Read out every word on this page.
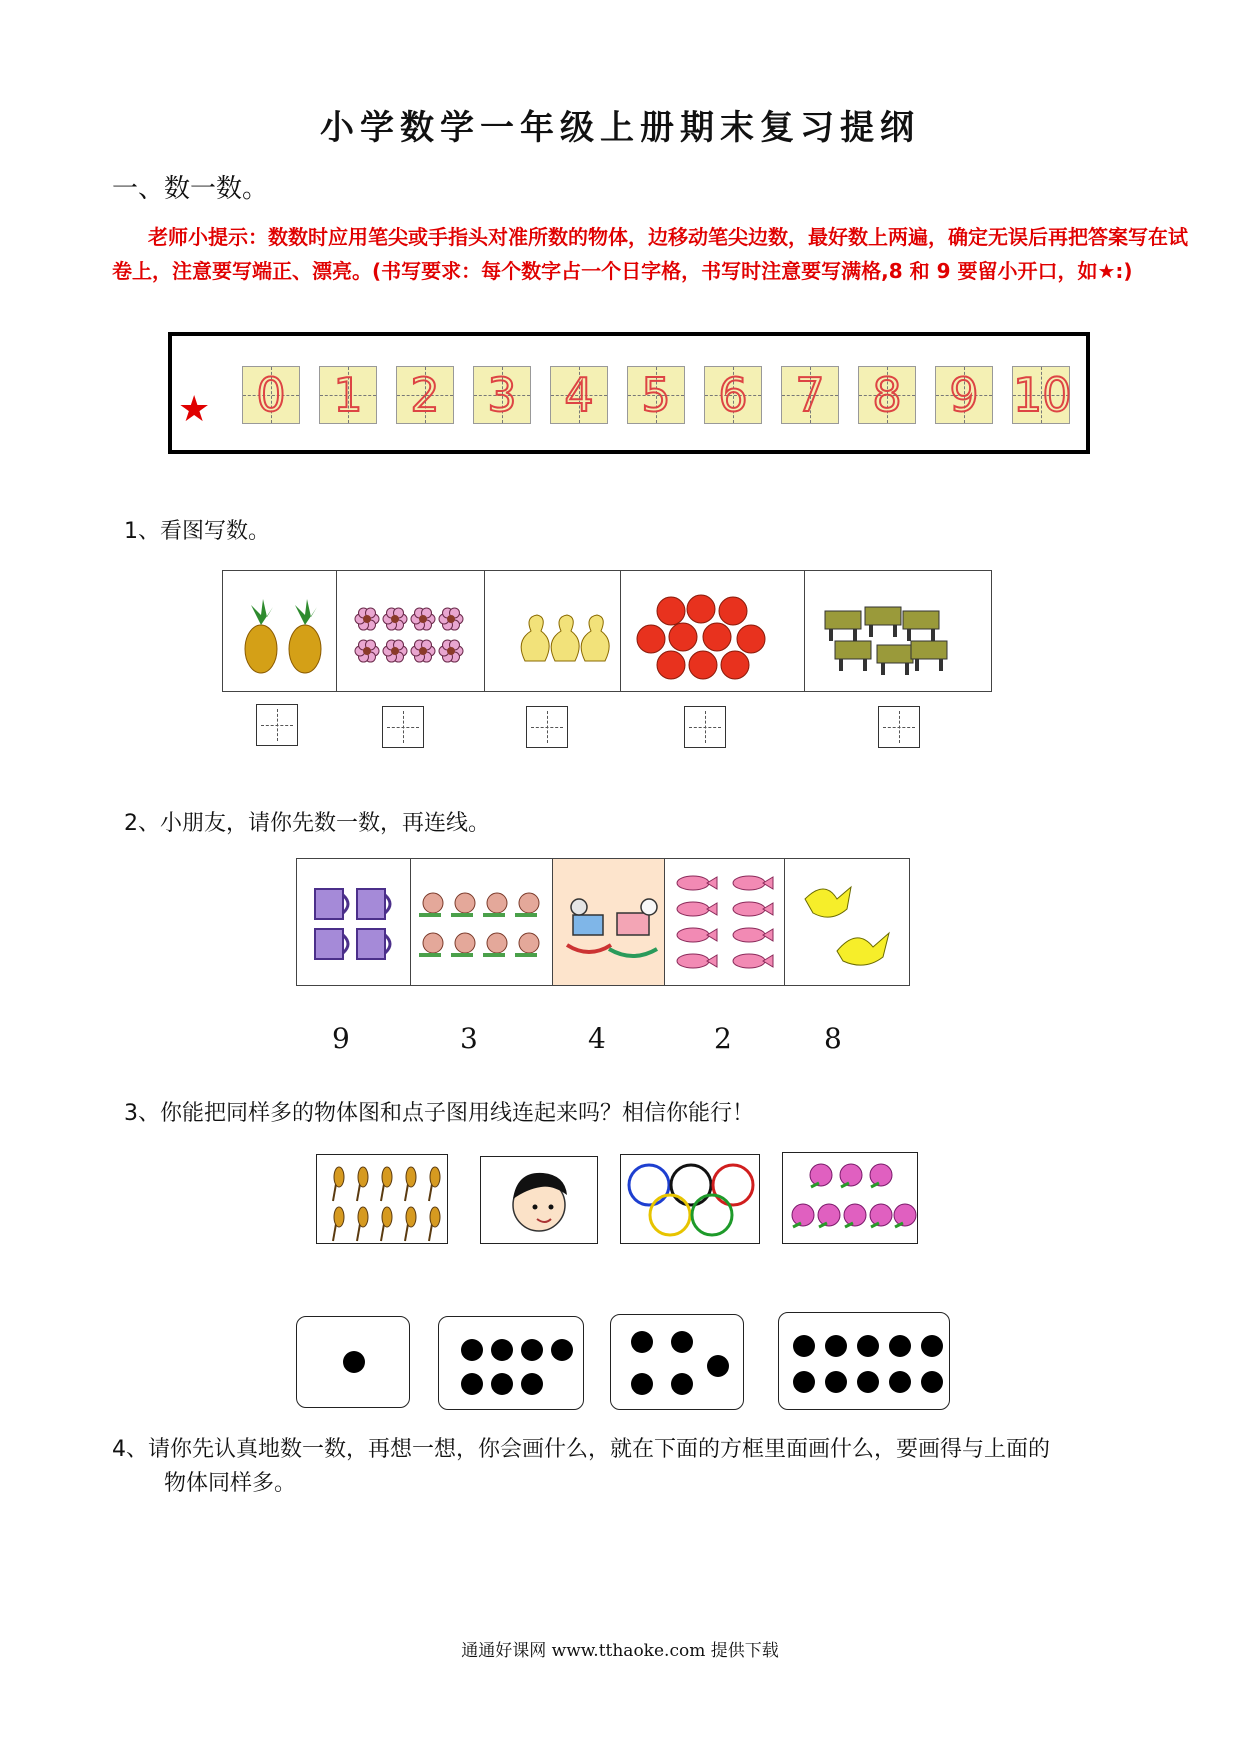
小学数学一年级上册期末复习提纲
一、数一数。
老师小提示：数数时应用笔尖或手指头对准所数的物体，边移动笔尖边数，最好数上两遍，确定无误后再把答案写在试卷上，注意要写端正、漂亮。(书写要求：每个数字占一个日字格，书写时注意要写满格,8 和 9 要留小开口，如★:)
0 1 2 3 4 5 6 7 8 9 10
★
1、看图写数。
2、小朋友，请你先数一数，再连线。
9	3	4	2	8
3、你能把同样多的物体图和点子图用线连起来吗？相信你能行！
4、请你先认真地数一数，再想一想，你会画什么，就在下面的方框里面画什么，要画得与上面的
物体同样多。
通通好课网 www.tthaoke.com 提供下载
